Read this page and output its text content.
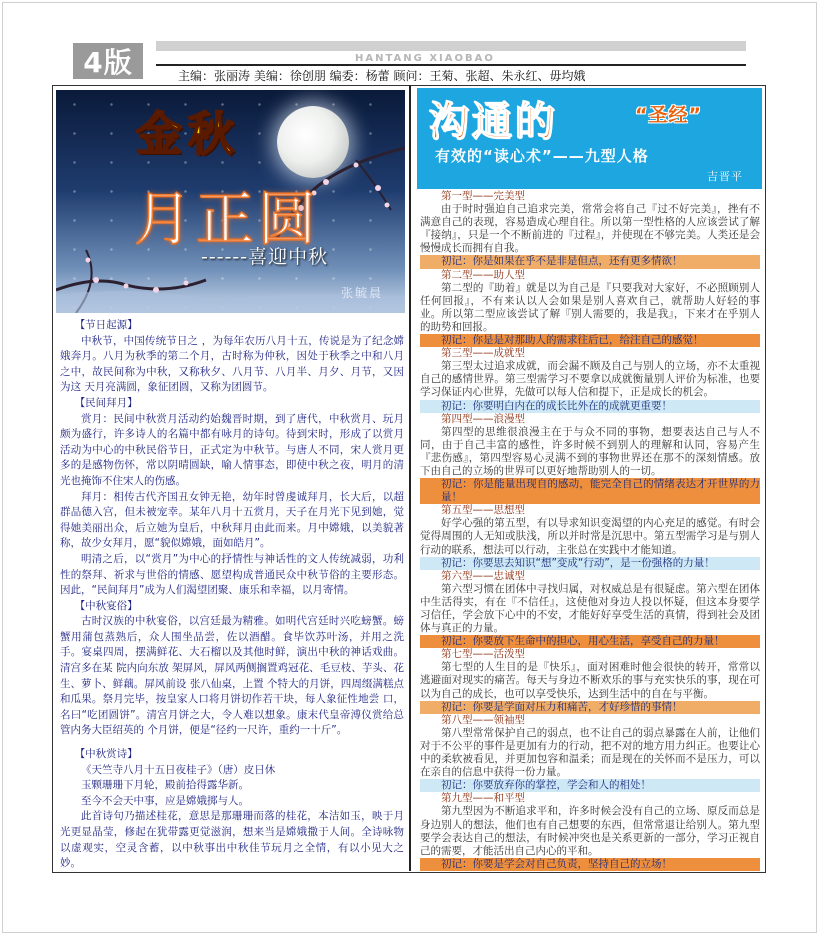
4版	HANTANG XIAOBAO
主编：张丽涛 美编：徐创朋 编委：杨蕾 顾问：王菊、张超、朱永红、毋均娥
金秋
月正圆
------喜迎中秋
张毓晨

【节日起源】

中秋节，中国传统节日之 ，为每年农历八月十五，传说是为了纪念嫦娥奔月。八月为秋季的第二个月，古时称为仲秋，因处于秋季之中和八月之中，故民间称为中秋，又称秋夕、八月节、八月半、月夕、月节，又因为这 天月亮满圆，象征团圆，又称为团圆节。

【民间拜月】

赏月：民间中秋赏月活动约始魏晋时期，到了唐代，中秋赏月、玩月颇为盛行，许多诗人的名篇中都有咏月的诗句。待到宋时，形成了以赏月活动为中心的中秋民俗节日，正式定为中秋节。与唐人不同，宋人赏月更多的是感物伤怀，常以阴晴圆缺，喻人情事态，即使中秋之夜，明月的清光也掩饰不住宋人的伤感。

拜月：相传古代齐国丑女钟无艳，幼年时曾虔诚拜月，长大后，以超群品德入宫，但未被宠幸。某年八月十五赏月，天子在月光下见到她，觉得她美丽出众，后立她为皇后，中秋拜月由此而来。月中嫦娥，以美貌著称，故少女拜月，愿“貌似嫦娥，面如皓月”。

明清之后，以“赏月”为中心的抒情性与神话性的文人传统减弱，功利性的祭拜、祈求与世俗的情感、愿望构成普通民众中秋节俗的主要形态。因此，“民间拜月”成为人们渴望团聚、康乐和幸福，以月寄情。

【中秋宴俗】

古时汉族的中秋宴俗，以宫廷最为精雅。如明代宫廷时兴吃螃蟹。螃蟹用蒲包蒸熟后，众人围坐品尝，佐以酒醋。食毕饮苏叶汤，并用之洗手。宴桌四周，摆满鲜花、大石榴以及其他时鲜，演出中秋的神话戏曲。清宫多在某 院内向东放 架屏风，屏风两侧搁置鸡冠花、毛豆枝、芋头、花生、萝卜、鲜藕。屏风前设 张八仙桌，上置 个特大的月饼，四周缀满糕点和瓜果。祭月完毕，按皇家人口将月饼切作若干块，每人象征性地尝 口，名曰“吃团圆饼”。清宫月饼之大，令人难以想象。康末代皇帝溥仪赏给总管内务大臣绍英的 个月饼，便是“径约一尺许，重约一十斤”。

【中秋赏诗】

《天竺寺八月十五日夜桂子》（唐）皮日休

玉颗珊珊下月轮，殿前拾得露华新。

至今不会天中事，应是嫦娥掷与人。

此首诗句乃描述桂花，意思是那珊珊而落的桂花，本洁如玉，映于月光更显晶莹，修起在犹带露更觉滋润，想来当是嫦娥撒于人间。全诗咏物以虚观实，空灵含蓄，以中秋事出中秋佳节玩月之全情，有以小见大之妙。

沟通的	“圣经”
有效的“读心术”——九型人格
吉晋平

第一型——完美型

由于时时强迫自己追求完美，常常会将自己『过不好完美』，挫有不满意自己的表现，容易造成心理自往。所以第一型性格的人应该尝试了解『接纳』，只是一个不断前进的『过程』，并使现在不够完美。人类还是会慢慢成长而拥有自我。

初记：你是如果在乎不是非是但点，还有更多情欲！

第二型——助人型

第二型的『助着』就是以为自己是『只要我对大家好，不必照顾别人任何回报』，不有来认以人会如果是别人喜欢自己，就帮助人好轻的事业。所以第二型应该尝试了解『别人需要的，我是我』，下来才在乎别人的助势和回报。

初记：你是是对那助人的需求往后已，给注自己的感觉！

第三型——成就型

第三型太过追求成就，而会漏不顾及自己与别人的立场，亦不太重视自己的感情世界。第三型需学习不要拿以成就衡量别人评价为标准，也要学习保证内心世界，先做可以每人信和提下，正是成长的机会。

初记：你要明白内在的成长比外在的成就更重要！

第四型——浪漫型

第四型的思维很浪漫主在于与众不同的事物，想要表达自己与人不同，由于自己丰富的感性，许多时候不到别人的理解和认同，容易产生『悲伤感』，第四型容易心灵满不到的事物世界还在那不的深刻情感。放下由自己的立场的世界可以更好地帮助别人的一切。

初记：你是能量出现自的感动，能完全自己的情绪表达才开世界的力量！

第五型——思想型

好学心强的第五型，有以导求知识变渴望的内心充足的感觉。有时会觉得周围的人无知或肤浅，所以并时常是沉思中。第五型需学习是与别人行动的联系，想法可以行动，主张总在实践中才能知道。

初记：你要思去知识“想”变成“行动”，是一份强格的力量！

第六型——忠诚型

第六型习惯在团体中寻找归属，对权威总是有很疑虑。第六型在团体中生活得实，有在『不信任』，这使他对身边人投以怀疑，但这本身要学习信任，学会放下心中的不安，才能好好享受生活的真情，得到社会及团体与真正的力量。

初记：你要放下生命中的担心，用心生活，享受自己的力量！

第七型——活泼型

第七型的人生目的是『快乐』，面对困难时他会很快的转开，常常以逃避面对现实的痛苦。每天与身边不断欢乐的事与充实快乐的事，现在可以为自己的成长，也可以享受快乐，达到生活中的自在与平衡。

初记：你要是学面对压力和痛苦，才好珍惜的事情！

第八型——领袖型

第八型常常保护自己的弱点，也不让自己的弱点暴露在人前，让他们对于不公平的事件是更加有力的行动，把不对的地方用力纠正。也要让心中的柔软被看见，并更加包容和温柔；而是现在的关怀而不是压力，可以在亲自的信息中获得一份力量。

初记：你要放弃你的掌控，学会和人的相处！

第九型——和平型

第九型因为不断追求平和，许多时候会没有自己的立场、原反而总是身边别人的想法，他们也有自己想要的东西，但常常退让给别人。第九型要学会表达自己的想法，有时候冲突也是关系更新的一部分，学习正视自己的需要，才能活出自己内心的平和。

初记：你要是学会对自己负责，坚持自己的立场！
